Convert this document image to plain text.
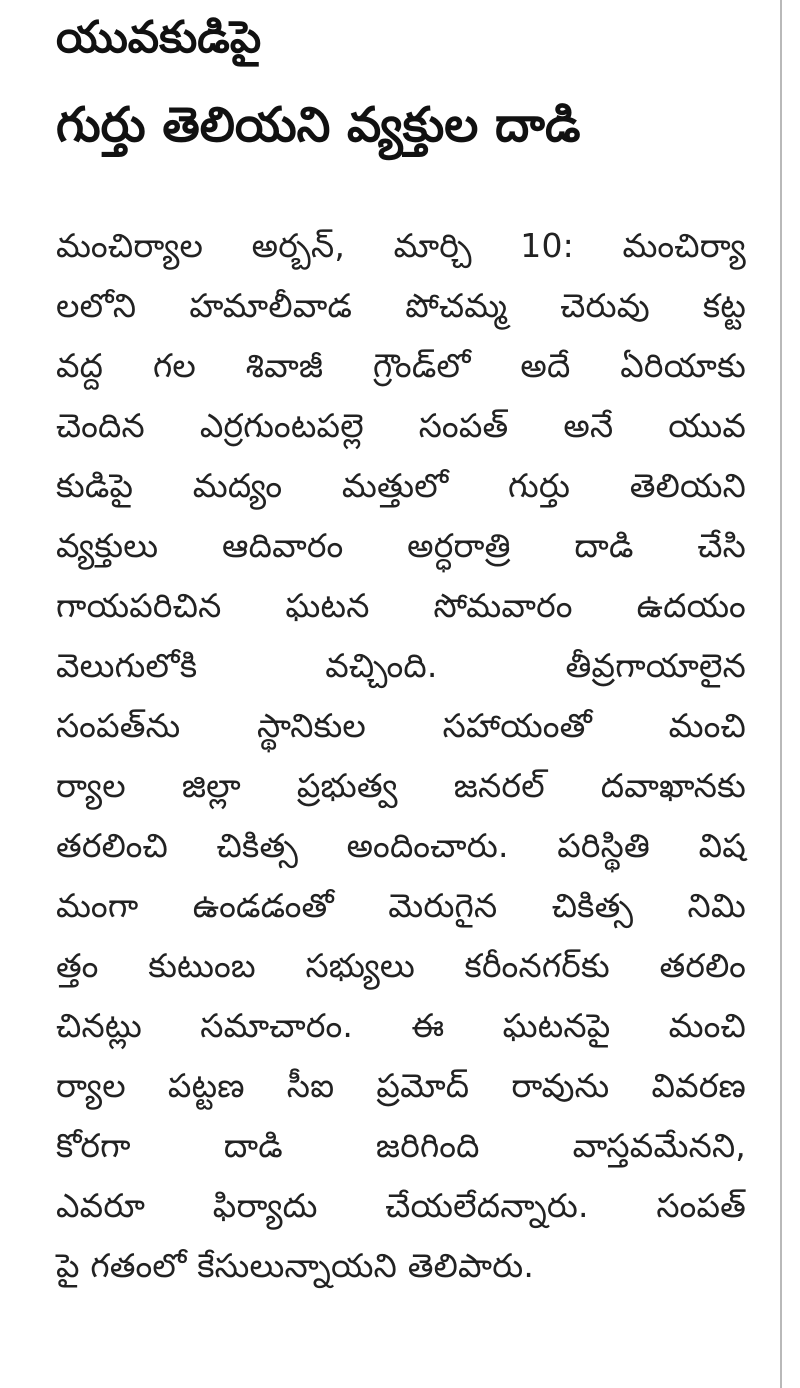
యువకుడిపై
గుర్తు తెలియని వ్యక్తుల దాడి
మంచిర్యాల అర్బన్, మార్చి 10: మంచిర్యా
లలోని హమాలీవాడ పోచమ్మ చెరువు కట్ట
వద్ద గల శివాజీ గ్రౌండ్‌లో అదే ఏరియాకు
చెందిన ఎర్రగుంటపల్లె సంపత్ అనే యువ
కుడిపై మద్యం మత్తులో గుర్తు తెలియని
వ్యక్తులు ఆదివారం అర్ధరాత్రి దాడి చేసి
గాయపరిచిన ఘటన సోమవారం ఉదయం
వెలుగులోకి వచ్చింది. తీవ్రగాయాలైన
సంపత్‌ను స్థానికుల సహాయంతో మంచి
ర్యాల జిల్లా ప్రభుత్వ జనరల్ దవాఖానకు
తరలించి చికిత్స అందించారు. పరిస్థితి విష
మంగా ఉండడంతో మెరుగైన చికిత్స నిమి
త్తం కుటుంబ సభ్యులు కరీంనగర్‌కు తరలిం
చినట్లు సమాచారం. ఈ ఘటనపై మంచి
ర్యాల పట్టణ సీఐ ప్రమోద్ రావును వివరణ
కోరగా దాడి జరిగింది వాస్తవమేనని,
ఎవరూ ఫిర్యాదు చేయలేదన్నారు. సంపత్
పై గతంలో కేసులున్నాయని తెలిపారు.
